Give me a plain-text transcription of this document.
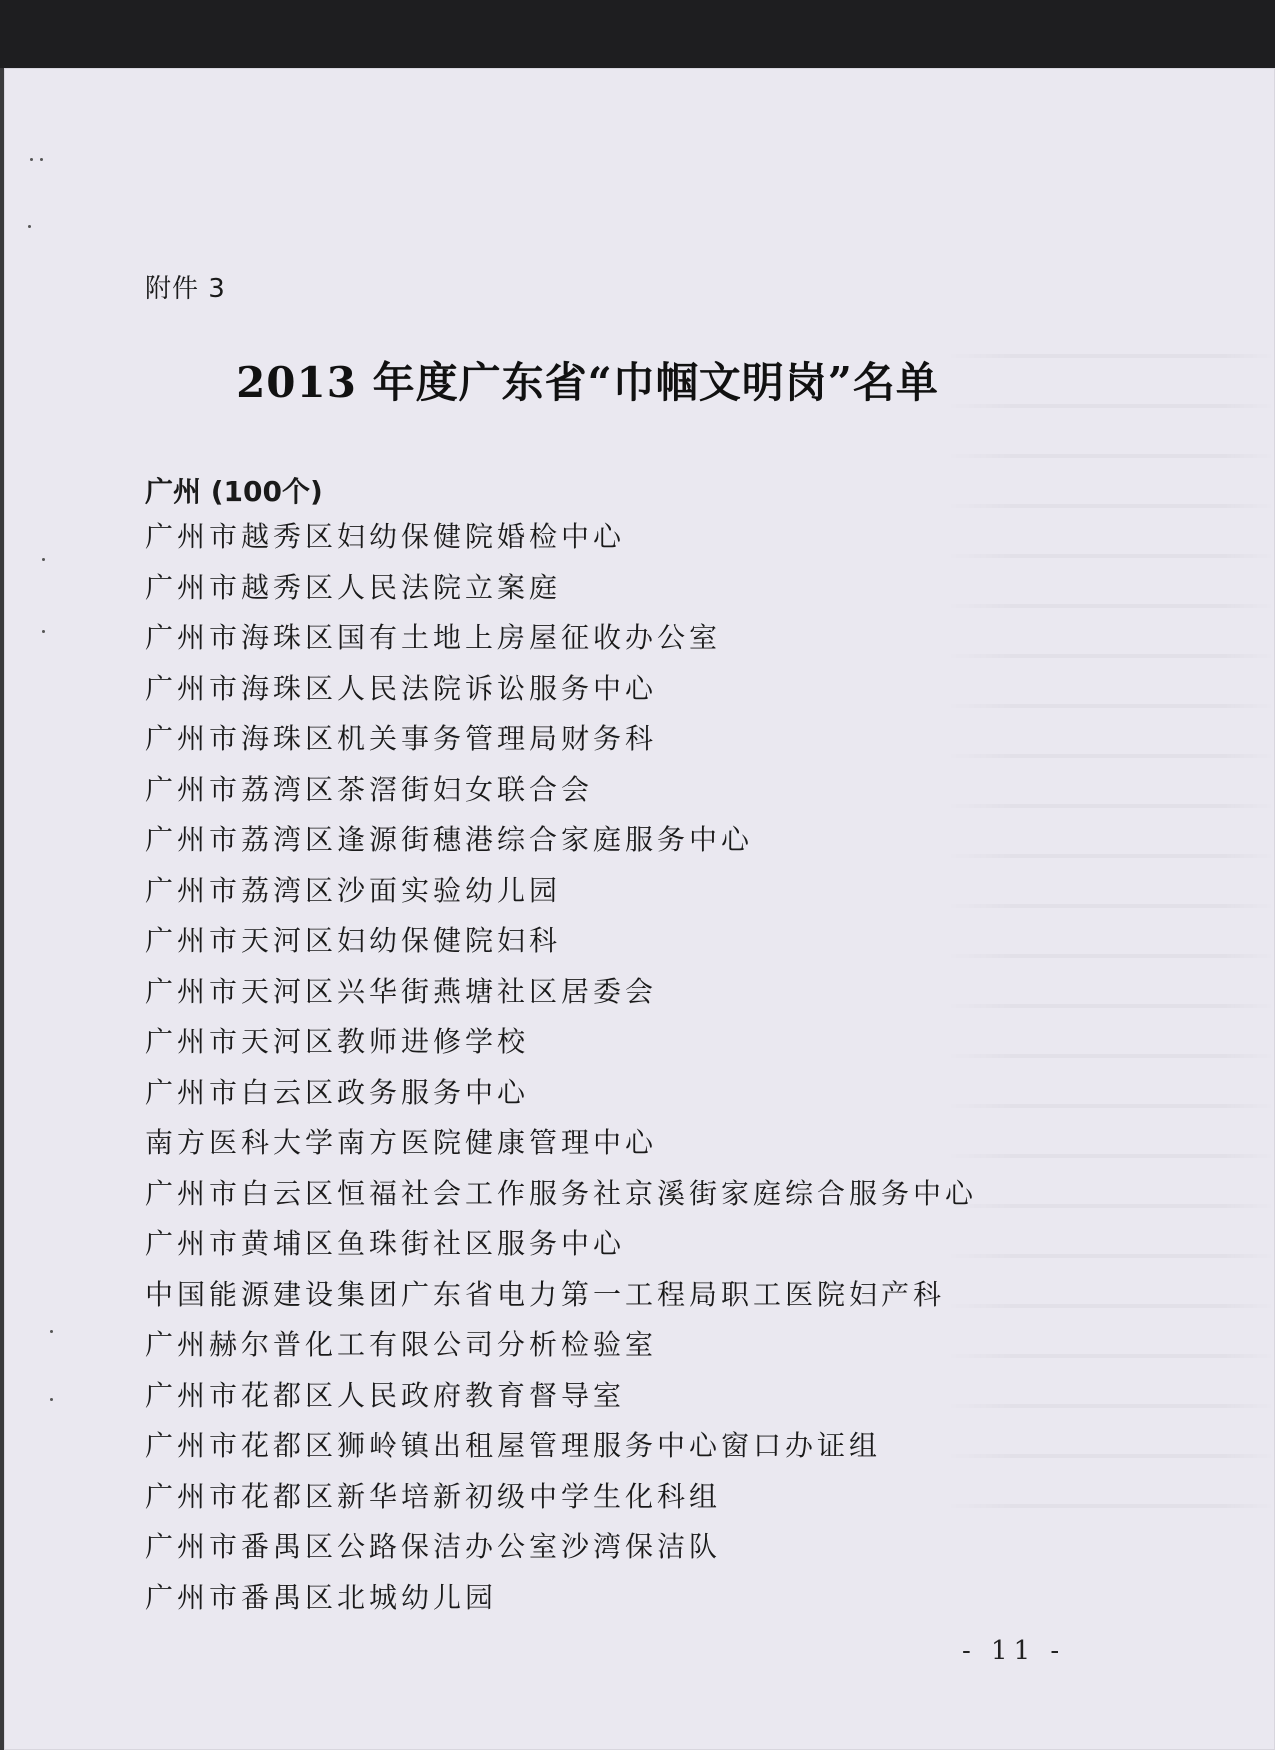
附件 3
2013 年度广东省“巾帼文明岗”名单
广州 (100个)
广州市越秀区妇幼保健院婚检中心
广州市越秀区人民法院立案庭
广州市海珠区国有土地上房屋征收办公室
广州市海珠区人民法院诉讼服务中心
广州市海珠区机关事务管理局财务科
广州市荔湾区茶滘街妇女联合会
广州市荔湾区逢源街穗港综合家庭服务中心
广州市荔湾区沙面实验幼儿园
广州市天河区妇幼保健院妇科
广州市天河区兴华街燕塘社区居委会
广州市天河区教师进修学校
广州市白云区政务服务中心
南方医科大学南方医院健康管理中心
广州市白云区恒福社会工作服务社京溪街家庭综合服务中心
广州市黄埔区鱼珠街社区服务中心
中国能源建设集团广东省电力第一工程局职工医院妇产科
广州赫尔普化工有限公司分析检验室
广州市花都区人民政府教育督导室
广州市花都区狮岭镇出租屋管理服务中心窗口办证组
广州市花都区新华培新初级中学生化科组
广州市番禺区公路保洁办公室沙湾保洁队
广州市番禺区北城幼儿园
- 11 -
